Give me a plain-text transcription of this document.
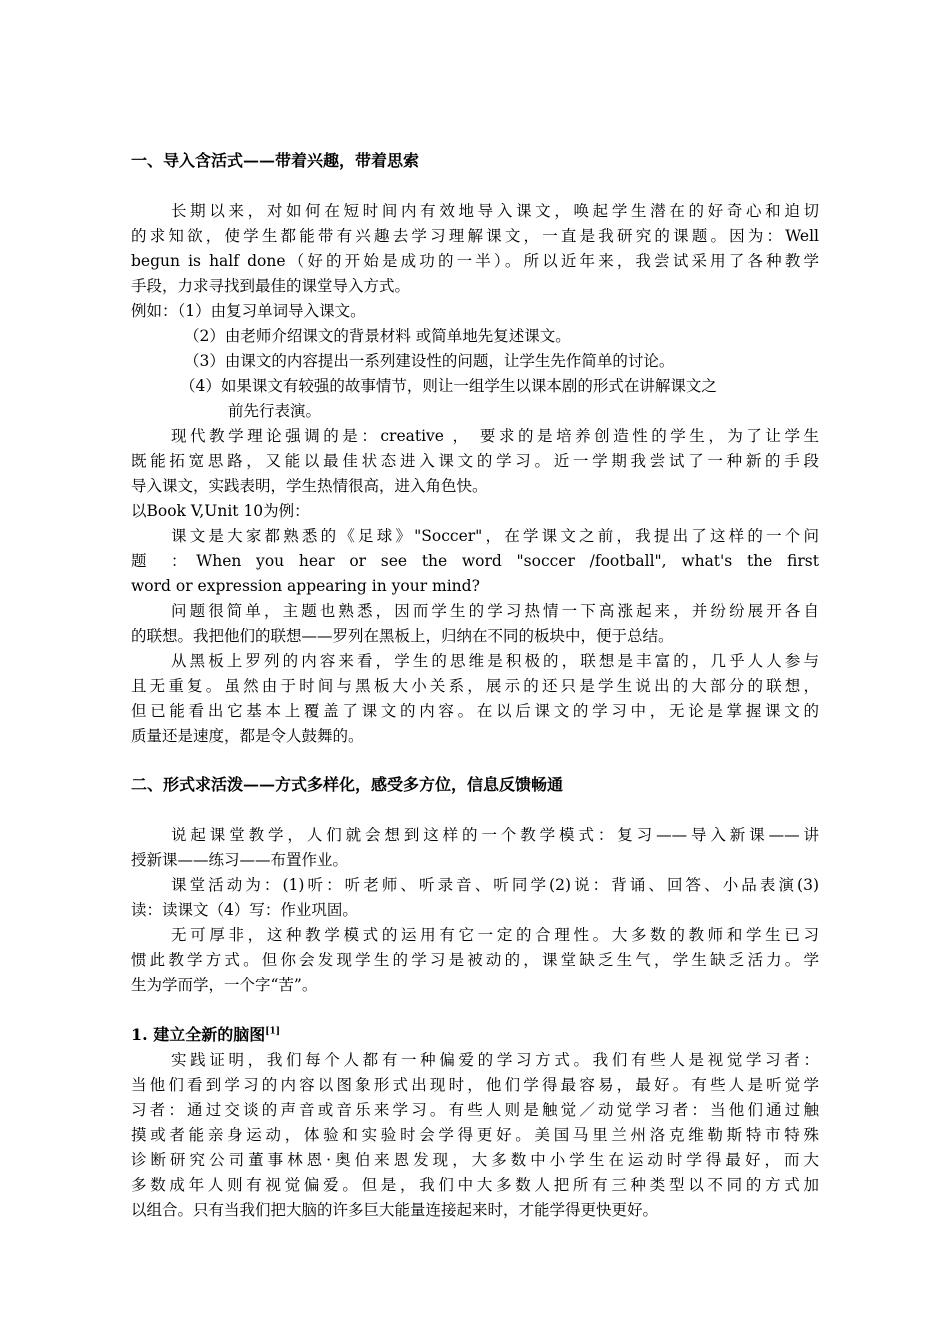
一、导入含活式——带着兴趣，带着思索
长期以来，对如何在短时间内有效地导入课文，唤起学生潜在的好奇心和迫切
的求知欲，使学生都能带有兴趣去学习理解课文，一直是我研究的课题。因为：Well
begun is half done（好的开始是成功的一半）。所以近年来，我尝试采用了各种教学
手段，力求寻找到最佳的课堂导入方式。
例如：（1）由复习单词导入课文。
（2）由老师介绍课文的背景材料 或简单地先复述课文。
（3）由课文的内容提出一系列建设性的问题，让学生先作简单的讨论。
（4）如果课文有较强的故事情节，则让一组学生以课本剧的形式在讲解课文之
前先行表演。
现代教学理论强调的是：creative ， 要求的是培养创造性的学生，为了让学生
既能拓宽思路，又能以最佳状态进入课文的学习。近一学期我尝试了一种新的手段
导入课文，实践表明，学生热情很高，进入角色快。
以Book V,Unit 10为例：
课文是大家都熟悉的《足球》"Soccer"，在学课文之前，我提出了这样的一个问
题 ：When you hear or see the word "soccer /football", what's the first
word or expression appearing in your mind?
问题很简单，主题也熟悉，因而学生的学习热情一下高涨起来，并纷纷展开各自
的联想。我把他们的联想——罗列在黑板上，归纳在不同的板块中，便于总结。
从黑板上罗列的内容来看，学生的思维是积极的，联想是丰富的，几乎人人参与
且无重复。虽然由于时间与黑板大小关系，展示的还只是学生说出的大部分的联想，
但已能看出它基本上覆盖了课文的内容。在以后课文的学习中，无论是掌握课文的
质量还是速度，都是令人鼓舞的。
二、形式求活泼——方式多样化，感受多方位，信息反馈畅通
说起课堂教学，人们就会想到这样的一个教学模式：复习——导入新课——讲
授新课——练习——布置作业。
课堂活动为：(1)听：听老师、听录音、听同学(2)说：背诵、回答、小品表演(3)
读：读课文（4）写：作业巩固。
无可厚非，这种教学模式的运用有它一定的合理性。大多数的教师和学生已习
惯此教学方式。但你会发现学生的学习是被动的，课堂缺乏生气，学生缺乏活力。学
生为学而学，一个字“苦”。
1. 建立全新的脑图[1]
实践证明，我们每个人都有一种偏爱的学习方式。我们有些人是视觉学习者：
当他们看到学习的内容以图象形式出现时，他们学得最容易，最好。有些人是听觉学
习者：通过交谈的声音或音乐来学习。有些人则是触觉／动觉学习者：当他们通过触
摸或者能亲身运动，体验和实验时会学得更好。美国马里兰州洛克维勒斯特市特殊
诊断研究公司董事林恩·奥伯来恩发现，大多数中小学生在运动时学得最好，而大
多数成年人则有视觉偏爱。但是，我们中大多数人把所有三种类型以不同的方式加
以组合。只有当我们把大脑的许多巨大能量连接起来时，才能学得更快更好。
